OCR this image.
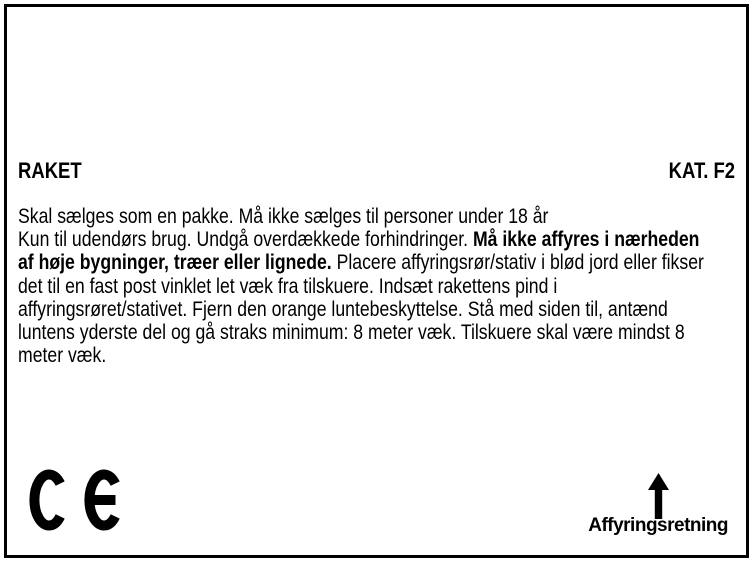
RAKET	KAT. F2
Skal sælges som en pakke. Må ikke sælges til personer under 18 år
Kun til udendørs brug. Undgå overdækkede forhindringer. Må ikke affyres i nærheden
af høje bygninger, træer eller lignede. Placere affyringsrør/stativ i blød jord eller fikser
det til en fast post vinklet let væk fra tilskuere. Indsæt rakettens pind i
affyringsrøret/stativet. Fjern den orange luntebeskyttelse. Stå med siden til, antænd
luntens yderste del og gå straks minimum: 8 meter væk. Tilskuere skal være mindst 8
meter væk.
Affyringsretning
